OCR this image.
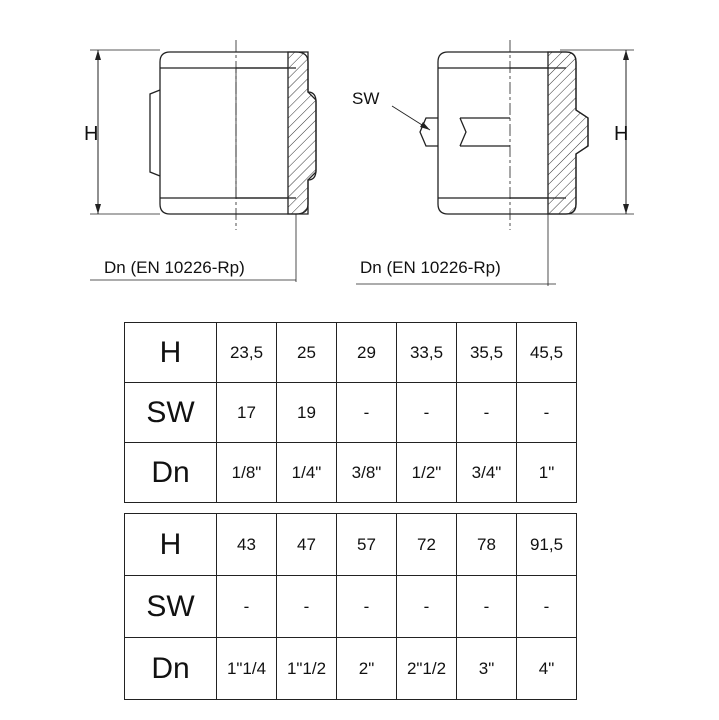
H
Dn (EN 10226-Rp)
H
SW
Dn (EN 10226-Rp)
H	23,5	25	29	33,5	35,5	45,5
SW	17	19	-	-	-	-
Dn	1/8"	1/4"	3/8"	1/2"	3/4"	1"
H	43	47	57	72	78	91,5
SW	-	-	-	-	-	-
Dn	1"1/4	1"1/2	2"	2"1/2	3"	4"
